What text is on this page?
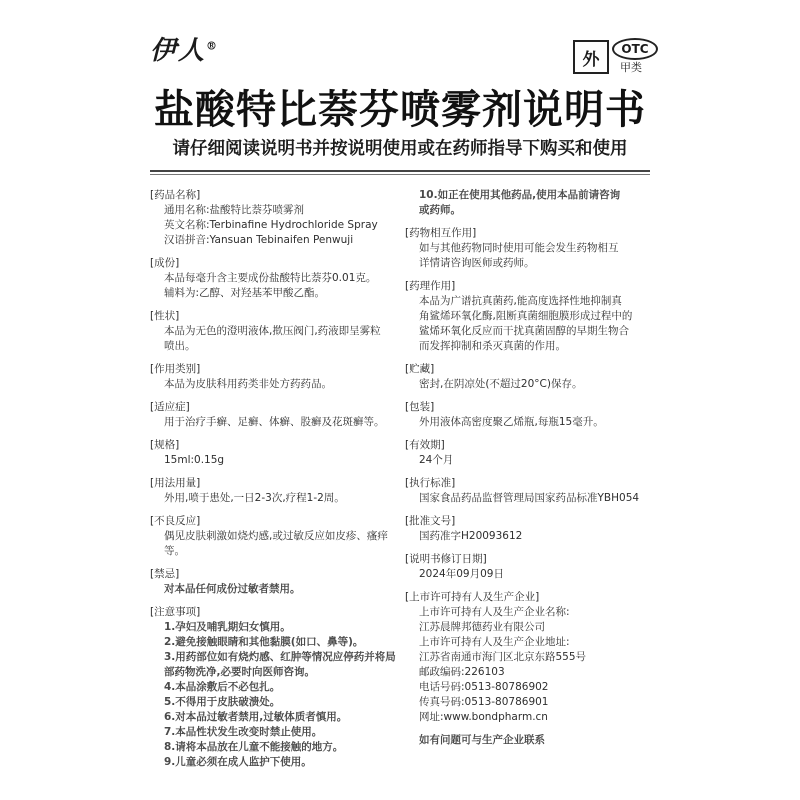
伊人®
外
OTC
甲类
盐酸特比萘芬喷雾剂说明书
请仔细阅读说明书并按说明使用或在药师指导下购买和使用
[药品名称]
通用名称:盐酸特比萘芬喷雾剂
英文名称:Terbinafine Hydrochloride Spray
汉语拼音:Yansuan Tebinaifen Penwuji
[成份]
本品每毫升含主要成份盐酸特比萘芬0.01克。
辅料为:乙醇、对羟基苯甲酸乙酯。
[性状]
本品为无色的澄明液体,揿压阀门,药液即呈雾粒
喷出。
[作用类别]
本品为皮肤科用药类非处方药药品。
[适应症]
用于治疗手癣、足癣、体癣、股癣及花斑癣等。
[规格]
15ml:0.15g
[用法用量]
外用,喷于患处,一日2-3次,疗程1-2周。
[不良反应]
偶见皮肤刺激如烧灼感,或过敏反应如皮疹、瘙痒
等。
[禁忌]
对本品任何成份过敏者禁用。
[注意事项]
1.孕妇及哺乳期妇女慎用。
2.避免接触眼睛和其他黏膜(如口、鼻等)。
3.用药部位如有烧灼感、红肿等情况应停药并将局
部药物洗净,必要时向医师咨询。
4.本品涂敷后不必包扎。
5.不得用于皮肤破溃处。
6.对本品过敏者禁用,过敏体质者慎用。
7.本品性状发生改变时禁止使用。
8.请将本品放在儿童不能接触的地方。
9.儿童必须在成人监护下使用。
10.如正在使用其他药品,使用本品前请咨询
或药师。
[药物相互作用]
如与其他药物同时使用可能会发生药物相互
详情请咨询医师或药师。
[药理作用]
本品为广谱抗真菌药,能高度选择性地抑制真
角鲨烯环氧化酶,阻断真菌细胞膜形成过程中的
鲨烯环氧化反应而干扰真菌固醇的早期生物合
而发挥抑制和杀灭真菌的作用。
[贮藏]
密封,在阴凉处(不超过20°C)保存。
[包装]
外用液体高密度聚乙烯瓶,每瓶15毫升。
[有效期]
24个月
[执行标准]
国家食品药品监督管理局国家药品标准YBH054
[批准文号]
国药准字H20093612
[说明书修订日期]
2024年09月09日
[上市许可持有人及生产企业]
上市许可持有人及生产企业名称:
江苏晨牌邦德药业有限公司
上市许可持有人及生产企业地址:
江苏省南通市海门区北京东路555号
邮政编码:226103
电话号码:0513-80786902
传真号码:0513-80786901
网址:www.bondpharm.cn
如有问题可与生产企业联系
